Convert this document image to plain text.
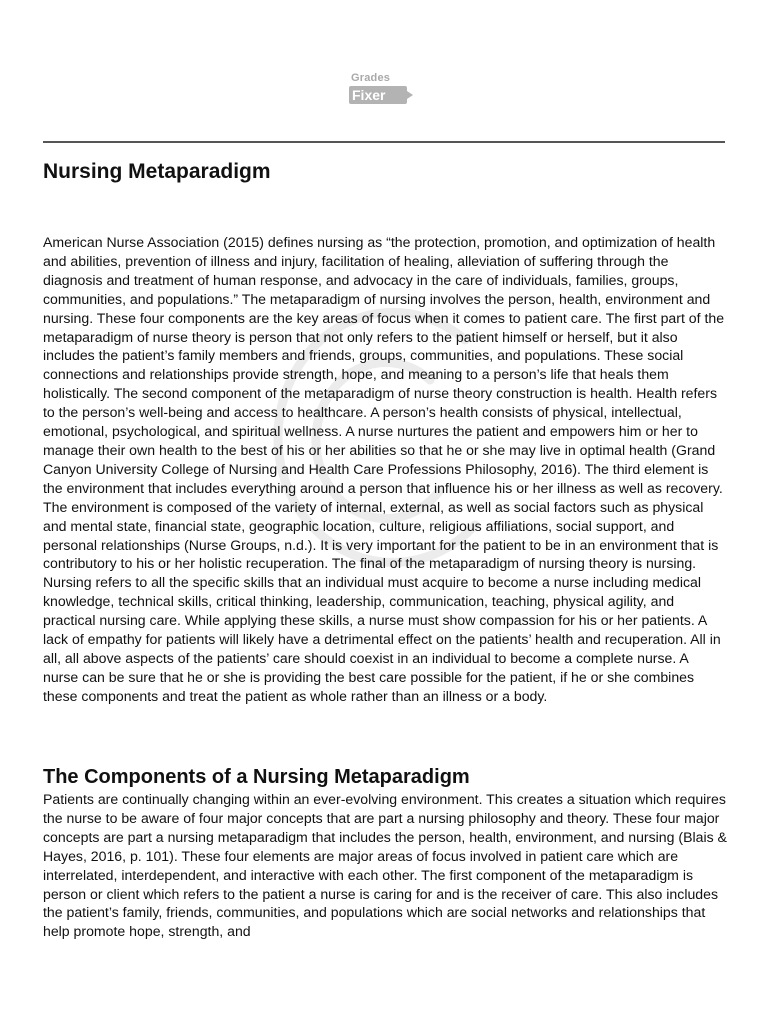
Grades
Fixer
Nursing Metaparadigm

American Nurse Association (2015) defines nursing as “the protection, promotion, and optimization of health and abilities, prevention of illness and injury, facilitation of healing, alleviation of suffering through the diagnosis and treatment of human response, and advocacy in the care of individuals, families, groups, communities, and populations.” The metaparadigm of nursing involves the person, health, environment and nursing. These four components are the key areas of focus when it comes to patient care. The first part of the metaparadigm of nurse theory is person that not only refers to the patient himself or herself, but it also includes the patient’s family members and friends, groups, communities, and populations. These social connections and relationships provide strength, hope, and meaning to a person’s life that heals them holistically. The second component of the metaparadigm of nurse theory construction is health. Health refers to the person’s well-being and access to healthcare. A person’s health consists of physical, intellectual, emotional, psychological, and spiritual wellness. A nurse nurtures the patient and empowers him or her to manage their own health to the best of his or her abilities so that he or she may live in optimal health (Grand Canyon University College of Nursing and Health Care Professions Philosophy, 2016). The third element is the environment that includes everything around a person that influence his or her illness as well as recovery. The environment is composed of the variety of internal, external, as well as social factors such as physical and mental state, financial state, geographic location, culture, religious affiliations, social support, and personal relationships (Nurse Groups, n.d.). It is very important for the patient to be in an environment that is contributory to his or her holistic recuperation. The final of the metaparadigm of nursing theory is nursing. Nursing refers to all the specific skills that an individual must acquire to become a nurse including medical knowledge, technical skills, critical thinking, leadership, communication, teaching, physical agility, and practical nursing care. While applying these skills, a nurse must show compassion for his or her patients. A lack of empathy for patients will likely have a detrimental effect on the patients’ health and recuperation. All in all, all above aspects of the patients’ care should coexist in an individual to become a complete nurse. A nurse can be sure that he or she is providing the best care possible for the patient, if he or she combines these components and treat the patient as whole rather than an illness or a body.

The Components of a Nursing Metaparadigm

Patients are continually changing within an ever-evolving environment. This creates a situation which requires the nurse to be aware of four major concepts that are part a nursing philosophy and theory. These four major concepts are part a nursing metaparadigm that includes the person, health, environment, and nursing (Blais & Hayes, 2016, p. 101). These four elements are major areas of focus involved in patient care which are interrelated, interdependent, and interactive with each other. The first component of the metaparadigm is person or client which refers to the patient a nurse is caring for and is the receiver of care. This also includes the patient’s family, friends, communities, and populations which are social networks and relationships that help promote hope, strength, and
